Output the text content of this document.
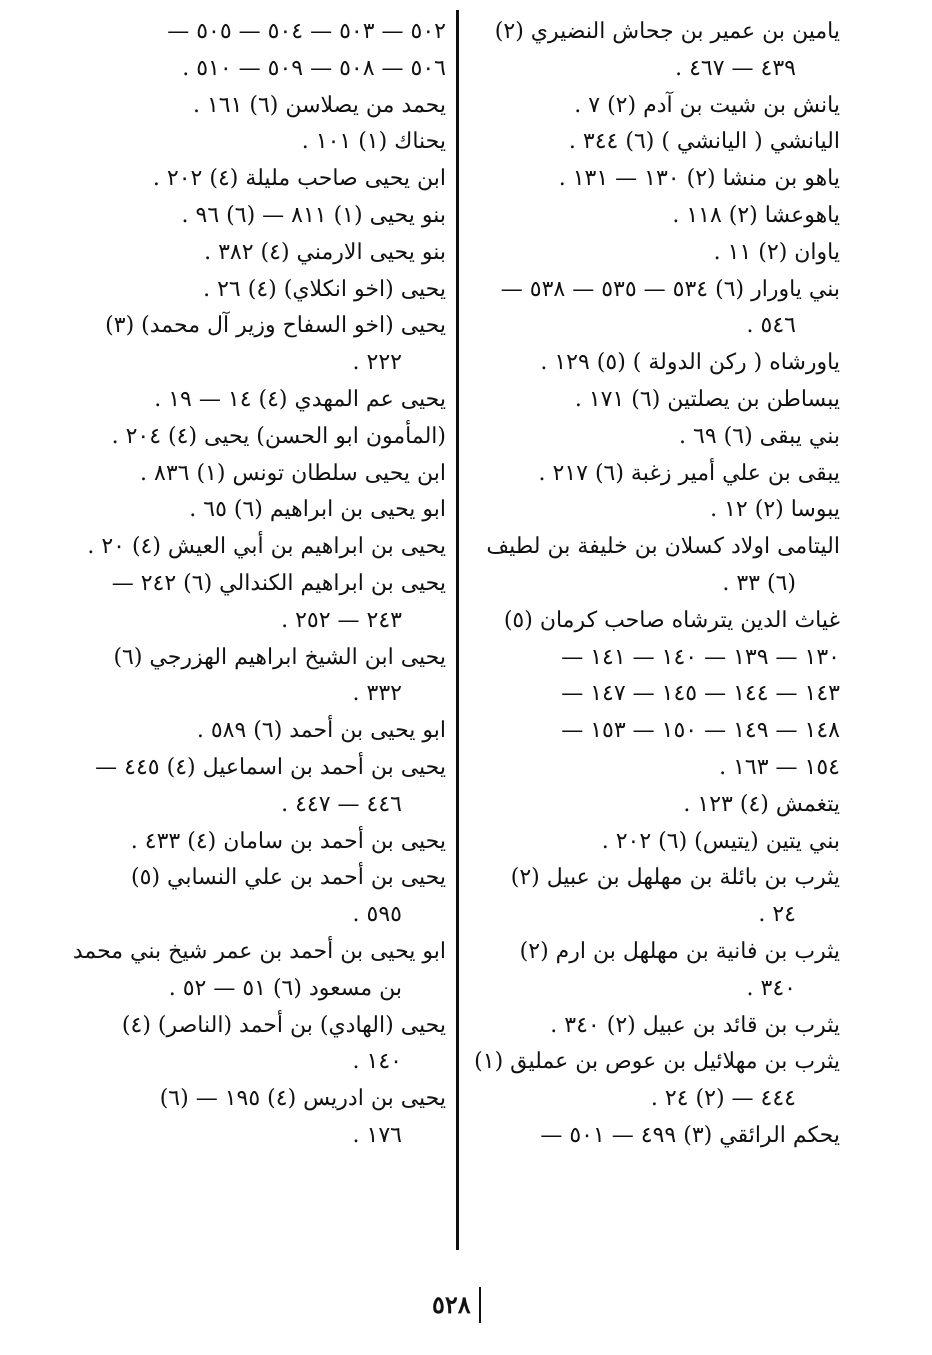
يامين بن عمير بن جحاش النضيري (٢)
٤٣٩ — ٤٦٧ .
يانش بن شيت بن آدم (٢) ٧ .
اليانشي ( اليانشي ) (٦) ٣٤٤ .
ياهو بن منشا (٢) ١٣٠ — ١٣١ .
ياهوعشا (٢) ١١٨ .
ياوان (٢) ١١ .
بني ياورار (٦) ٥٣٤ — ٥٣٥ — ٥٣٨ —
٥٤٦ .
ياورشاه ( ركن الدولة ) (٥) ١٢٩ .
يبساطن بن يصلتين (٦) ١٧١ .
بني يبقى (٦) ٦٩ .
يبقى بن علي أمير زغبة (٦) ٢١٧ .
يبوسا (٢) ١٢ .
اليتامى اولاد كسلان بن خليفة بن لطيف
(٦) ٣٣ .
غياث الدين يترشاه صاحب كرمان (٥)
١٣٠ — ١٣٩ — ١٤٠ — ١٤١ —
١٤٣ — ١٤٤ — ١٤٥ — ١٤٧ —
١٤٨ — ١٤٩ — ١٥٠ — ١٥٣ —
١٥٤ — ١٦٣ .
يتغمش (٤) ١٢٣ .
بني يتين (يتيس) (٦) ٢٠٢ .
يثرب بن بائلة بن مهلهل بن عبيل (٢)
٢٤ .
يثرب بن فانية بن مهلهل بن ارم (٢)
٣٤٠ .
يثرب بن قائد بن عبيل (٢) ٣٤٠ .
يثرب بن مهلائيل بن عوص بن عمليق (١)
٤٤٤ — (٢) ٢٤ .
يحكم الرائقي (٣) ٤٩٩ — ٥٠١ —
٥٠٢ — ٥٠٣ — ٥٠٤ — ٥٠٥ —
٥٠٦ — ٥٠٨ — ٥٠٩ — ٥١٠ .
يحمد من يصلاسن (٦) ١٦١ .
يحناك (١) ١٠١ .
ابن يحيى صاحب مليلة (٤) ٢٠٢ .
بنو يحيى (١) ٨١١ — (٦) ٩٦ .
بنو يحيى الارمني (٤) ٣٨٢ .
يحيى (اخو انكلاي) (٤) ٢٦ .
يحيى (اخو السفاح وزير آل محمد) (٣)
٢٢٢ .
يحيى عم المهدي (٤) ١٤ — ١٩ .
(المأمون ابو الحسن) يحيى (٤) ٢٠٤ .
ابن يحيى سلطان تونس (١) ٨٣٦ .
ابو يحيى بن ابراهيم (٦) ٦٥ .
يحيى بن ابراهيم بن أبي العيش (٤) ٢٠ .
يحيى بن ابراهيم الكندالي (٦) ٢٤٢ —
٢٤٣ — ٢٥٢ .
يحيى ابن الشيخ ابراهيم الهزرجي (٦)
٣٣٢ .
ابو يحيى بن أحمد (٦) ٥٨٩ .
يحيى بن أحمد بن اسماعيل (٤) ٤٤٥ —
٤٤٦ — ٤٤٧ .
يحيى بن أحمد بن سامان (٤) ٤٣٣ .
يحيى بن أحمد بن علي النسابي (٥)
٥٩٥ .
ابو يحيى بن أحمد بن عمر شيخ بني محمد
بن مسعود (٦) ٥١ — ٥٢ .
يحيى (الهادي) بن أحمد (الناصر) (٤)
١٤٠ .
يحيى بن ادريس (٤) ١٩٥ — (٦)
١٧٦ .
٥٢٨
